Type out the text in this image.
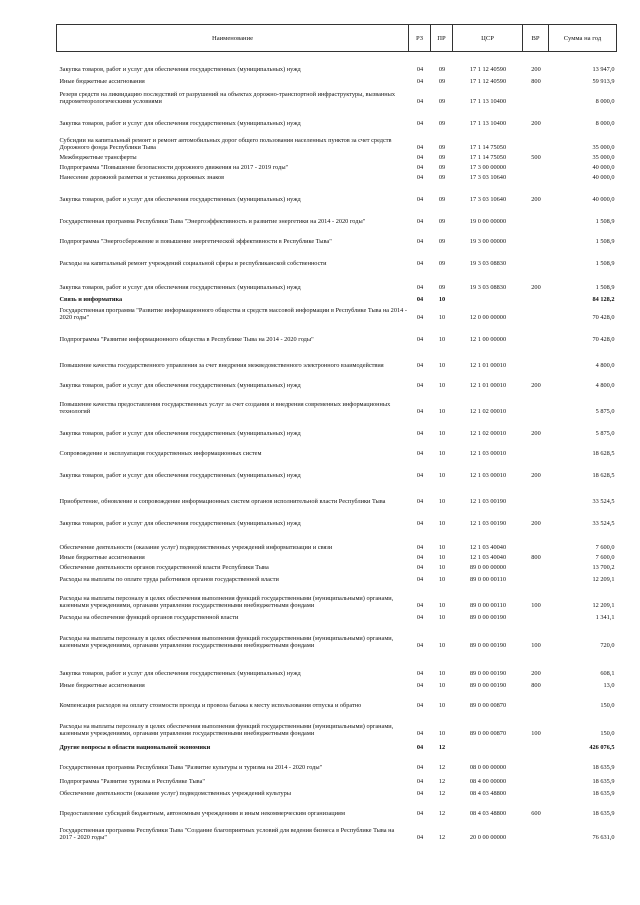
Наименование	РЗ	ПР	ЦСР	ВР	Сумма на год
Закупка товаров, работ и услуг для обеспечения государственных (муниципальных) нужд	04	09	17 1 12 40590	200	13 947,0
Иные бюджетные ассигнования	04	09	17 1 12 40590	800	59 913,9
Резерв средств на ликвидацию последствий от разрушений на объектах дорожно-транспортной инфраструктуры, вызванных гидрометеорологическими условиями	04	09	17 1 13 10400		8 000,0
Закупка товаров, работ и услуг для обеспечения государственных (муниципальных) нужд	04	09	17 1 13 10400	200	8 000,0
Субсидии на капитальный ремонт и ремонт автомобильных дорог общего пользования населенных пунктов за счет средств Дорожного фонда Республики Тыва	04	09	17 1 14 75050		35 000,0
Межбюджетные трансферты	04	09	17 1 14 75050	500	35 000,0
Подпрограмма "Повышение безопасности дорожного движения на 2017 - 2019 годы"	04	09	17 3 00 00000		40 000,0
Нанесение дорожной разметки и установка дорожных знаков	04	09	17 3 03 10640		40 000,0
Закупка товаров, работ и услуг для обеспечения государственных (муниципальных) нужд	04	09	17 3 03 10640	200	40 000,0
Государственная программа Республики Тыва "Энергоэффективность и развитие энергетики на 2014 - 2020 годы"	04	09	19 0 00 00000		1 508,9
Подпрограмма "Энергосбережение и повышение энергетической эффективности в Республике Тыва"	04	09	19 3 00 00000		1 508,9
Расходы на капитальный ремонт учреждений социальной сферы и республиканской собственности	04	09	19 3 03 08830		1 508,9
Закупка товаров, работ и услуг для обеспечения государственных (муниципальных) нужд	04	09	19 3 03 08830	200	1 508,9
Связь и информатика	04	10			84 128,2
Государственная программа "Развитие информационного общества и средств массовой информации в Республике Тыва на 2014 - 2020 годы"	04	10	12 0 00 00000		70 428,0
Подпрограмма "Развитие информационного общества в Республике Тыва на 2014 - 2020 годы"	04	10	12 1 00 00000		70 428,0
Повышение качества государственного управления за счет внедрения межведомственного электронного взаимодействия	04	10	12 1 01 00010		4 800,0
Закупка товаров, работ и услуг для обеспечения государственных (муниципальных) нужд	04	10	12 1 01 00010	200	4 800,0
Повышение качества предоставления государственных услуг за счет создания и внедрения современных информационных технологий	04	10	12 1 02 00010		5 875,0
Закупка товаров, работ и услуг для обеспечения государственных (муниципальных) нужд	04	10	12 1 02 00010	200	5 875,0
Сопровождение и эксплуатация государственных информационных систем	04	10	12 1 03 00010		18 628,5
Закупка товаров, работ и услуг для обеспечения государственных (муниципальных) нужд	04	10	12 1 03 00010	200	18 628,5
Приобретение, обновление и сопровождение информационных систем органов исполнительной власти Республики Тыва	04	10	12 1 03 00190		33 524,5
Закупка товаров, работ и услуг для обеспечения государственных (муниципальных) нужд	04	10	12 1 03 00190	200	33 524,5
Обеспечение деятельности (оказание услуг) подведомственных учреждений информатизации и связи	04	10	12 1 03 40040		7 600,0
Иные бюджетные ассигнования	04	10	12 1 03 40040	800	7 600,0
Обеспечение деятельности органов государственной власти Республики Тыва	04	10	89 0 00 00000		13 700,2
Расходы на выплаты по оплате труда работников органов государственной власти	04	10	89 0 00 00110		12 209,1
Расходы на выплаты персоналу в целях обеспечения выполнения функций государственными (муниципальными) органами, казенными учреждениями, органами управления государственными внебюджетными фондами	04	10	89 0 00 00110	100	12 209,1
Расходы на обеспечение функций органов государственной власти	04	10	89 0 00 00190		1 341,1
Расходы на выплаты персоналу в целях обеспечения выполнения функций государственными (муниципальными) органами, казенными учреждениями, органами управления государственными внебюджетными фондами	04	10	89 0 00 00190	100	720,0
Закупка товаров, работ и услуг для обеспечения государственных (муниципальных) нужд	04	10	89 0 00 00190	200	608,1
Иные бюджетные ассигнования	04	10	89 0 00 00190	800	13,0
Компенсация расходов на оплату стоимости проезда и провоза багажа к месту использования отпуска и обратно	04	10	89 0 00 00870		150,0
Расходы на выплаты персоналу в целях обеспечения выполнения функций государственными (муниципальными) органами, казенными учреждениями, органами управления государственными внебюджетными фондами	04	10	89 0 00 00870	100	150,0
Другие вопросы в области национальной экономики	04	12			426 076,5
Государственная программа Республики Тыва "Развитие культуры и туризма на 2014 - 2020 годы"	04	12	08 0 00 00000		18 635,9
Подпрограмма "Развитие туризма в Республике Тыва"	04	12	08 4 00 00000		18 635,9
Обеспечение деятельности (оказание услуг) подведомственных учреждений культуры	04	12	08 4 03 48800		18 635,9
Предоставление субсидий бюджетным, автономным учреждениям и иным некоммерческим организациям	04	12	08 4 03 48800	600	18 635,9
Государственная программа Республики Тыва "Создание благоприятных условий для ведения бизнеса в Республике Тыва на 2017 - 2020 годы"	04	12	20 0 00 00000		76 631,0
